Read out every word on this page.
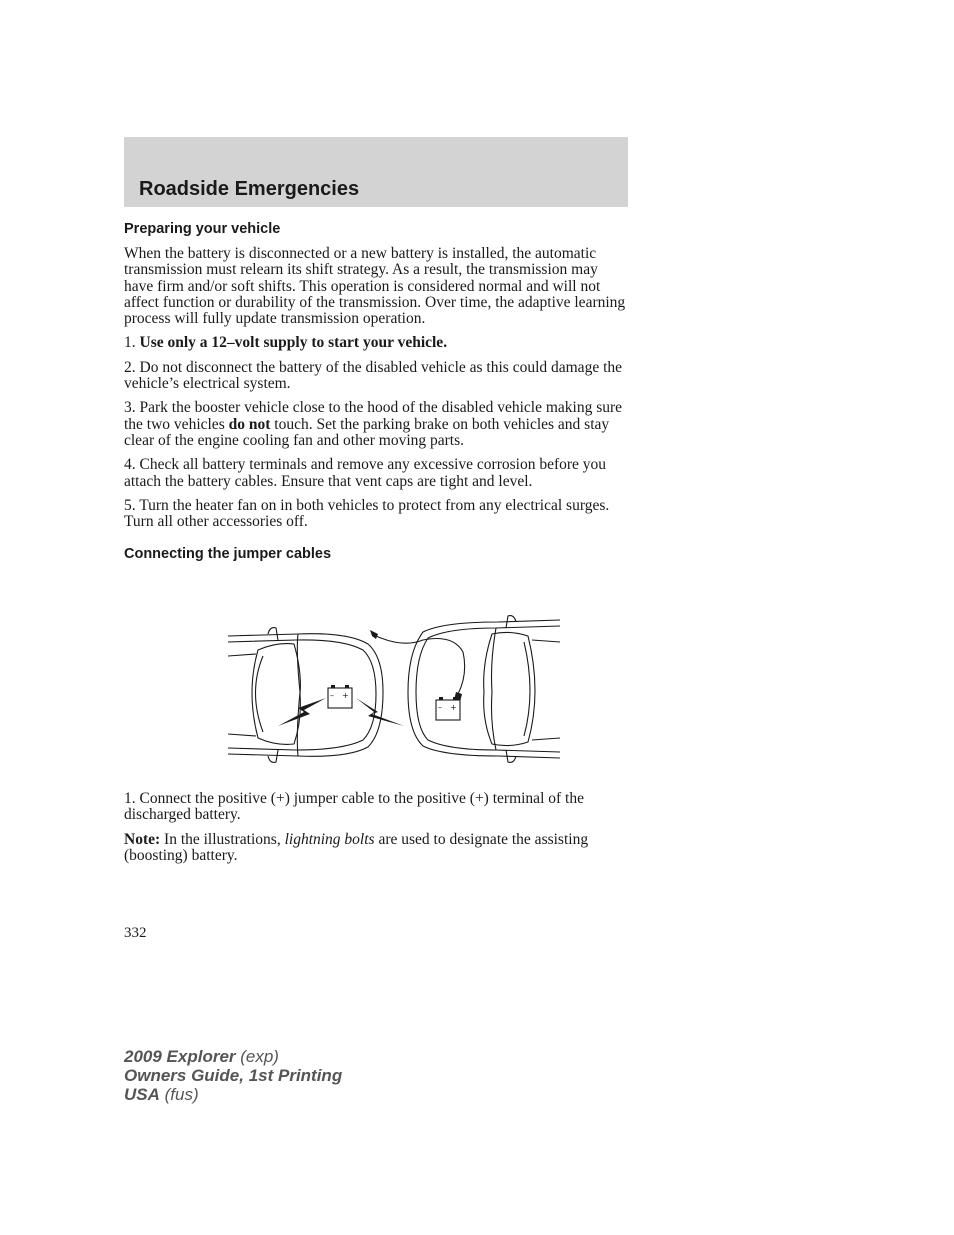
Roadside Emergencies
Preparing your vehicle

When the battery is disconnected or a new battery is installed, the automatic transmission must relearn its shift strategy. As a result, the transmission may have firm and/or soft shifts. This operation is considered normal and will not affect function or durability of the transmission. Over time, the adaptive learning process will fully update transmission operation.

1. Use only a 12–volt supply to start your vehicle.

2. Do not disconnect the battery of the disabled vehicle as this could damage the vehicle’s electrical system.

3. Park the booster vehicle close to the hood of the disabled vehicle making sure the two vehicles do not touch. Set the parking brake on both vehicles and stay clear of the engine cooling fan and other moving parts.

4. Check all battery terminals and remove any excessive corrosion before you attach the battery cables. Ensure that vent caps are tight and level.

5. Turn the heater fan on in both vehicles to protect from any electrical surges. Turn all other accessories off.

Connecting the jumper cables
– +
– +

1. Connect the positive (+) jumper cable to the positive (+) terminal of the discharged battery.

Note: In the illustrations, lightning bolts are used to designate the assisting (boosting) battery.

332
2009 Explorer (exp)
Owners Guide, 1st Printing
USA (fus)
